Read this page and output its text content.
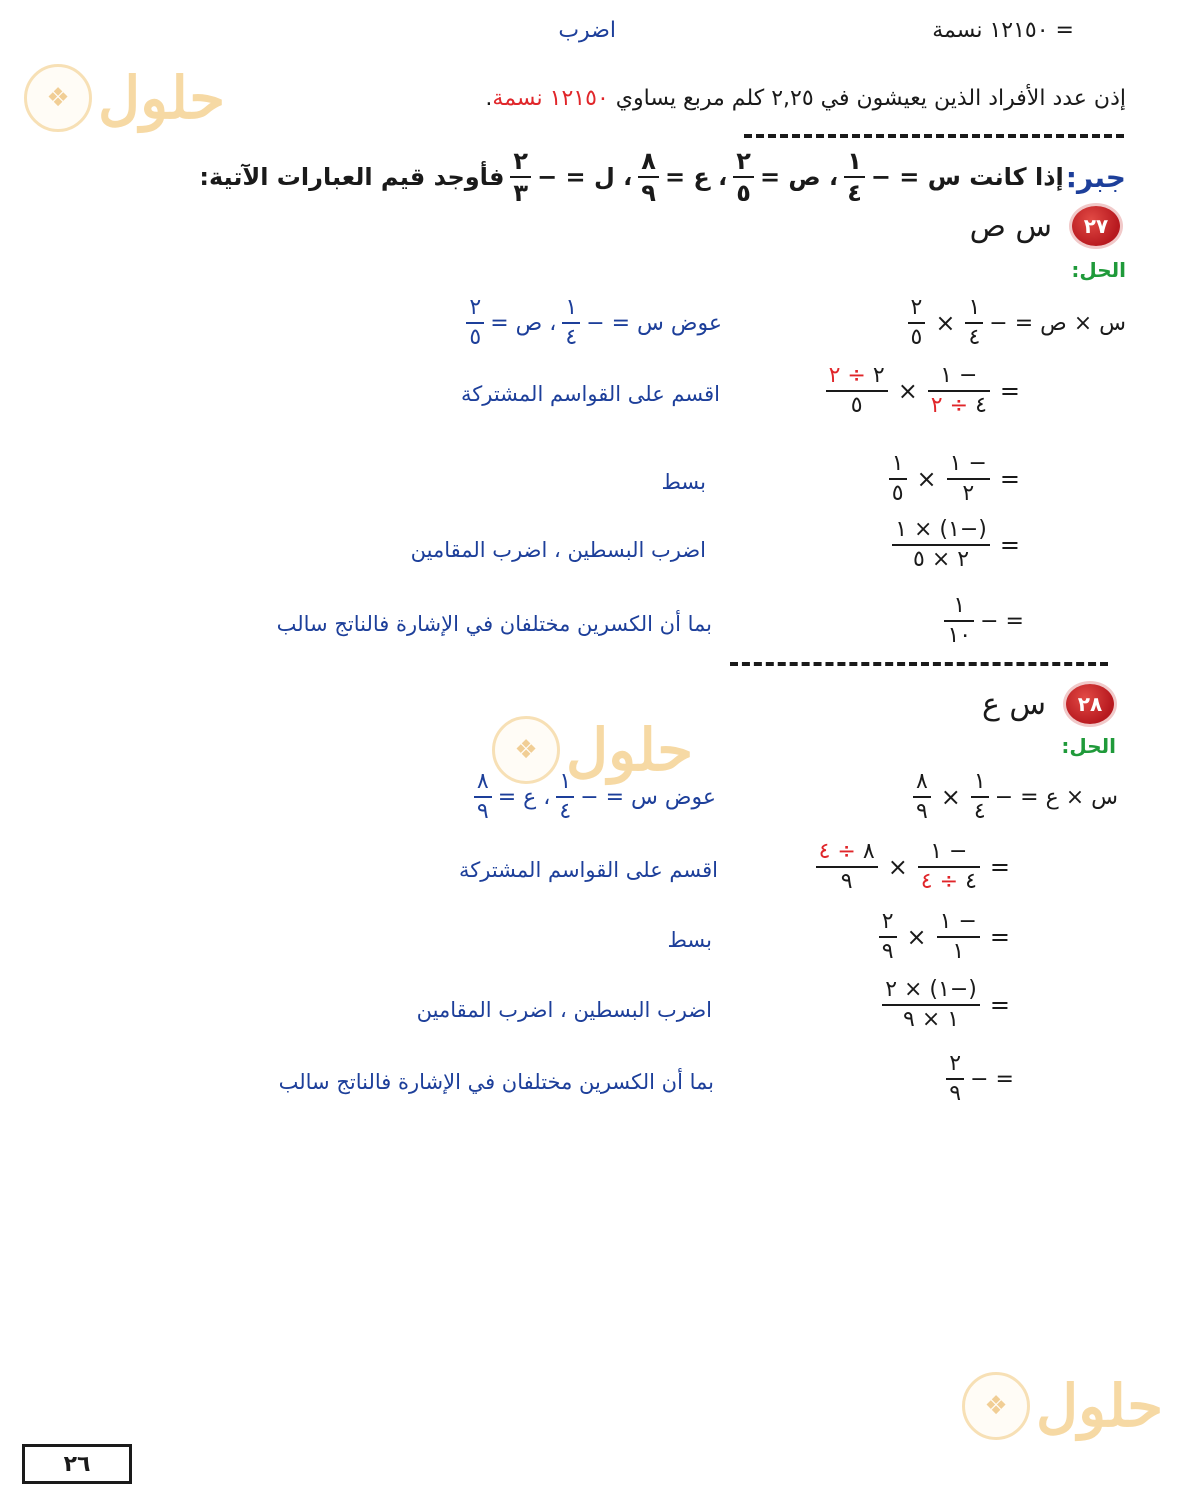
= ١٢١٥٠ نسمة
اضرب
إذن عدد الأفراد الذين يعيشون في ٢,٢٥ كلم مربع يساوي ١٢١٥٠ نسمة.
❖ حلول
❖ حلول
❖ حلول
جبر:
إذا كانت س = −
$\frac{١}{٤}$
، ص =
$\frac{٢}{٥}$
، ع =
$\frac{٨}{٩}$
، ل = −
$\frac{٢}{٣}$
فأوجد قيم العبارات الآتية:
٢٧
س ص
الحل:
س × ص = −
$\frac{١}{٤}$
×
$\frac{٢}{٥}$
عوض س = −
$\frac{١}{٤}$
، ص =
$\frac{٢}{٥}$
=
$\frac{- ١}{٤ \div ٢}$
×
$\frac{٢ \div ٢}{٥}$
اقسم على القواسم المشتركة
=
$\frac{- ١}{٢}$
×
$\frac{١}{٥}$
بسط
=
$\frac{(-١) \times ١}{٢ \times ٥}$
اضرب البسطين ، اضرب المقامين
= −
$\frac{١}{١٠}$
بما أن الكسرين مختلفان في الإشارة فالناتج سالب
٢٨
س ع
الحل:
س × ع = −
$\frac{١}{٤}$
×
$\frac{٨}{٩}$
عوض س = −
$\frac{١}{٤}$
، ع =
$\frac{٨}{٩}$
=
$\frac{- ١}{٤ \div ٤}$
×
$\frac{٨ \div ٤}{٩}$
اقسم على القواسم المشتركة
=
$\frac{- ١}{١}$
×
$\frac{٢}{٩}$
بسط
=
$\frac{(-١) \times ٢}{١ \times ٩}$
اضرب البسطين ، اضرب المقامين
= −
$\frac{٢}{٩}$
بما أن الكسرين مختلفان في الإشارة فالناتج سالب
٢٦
